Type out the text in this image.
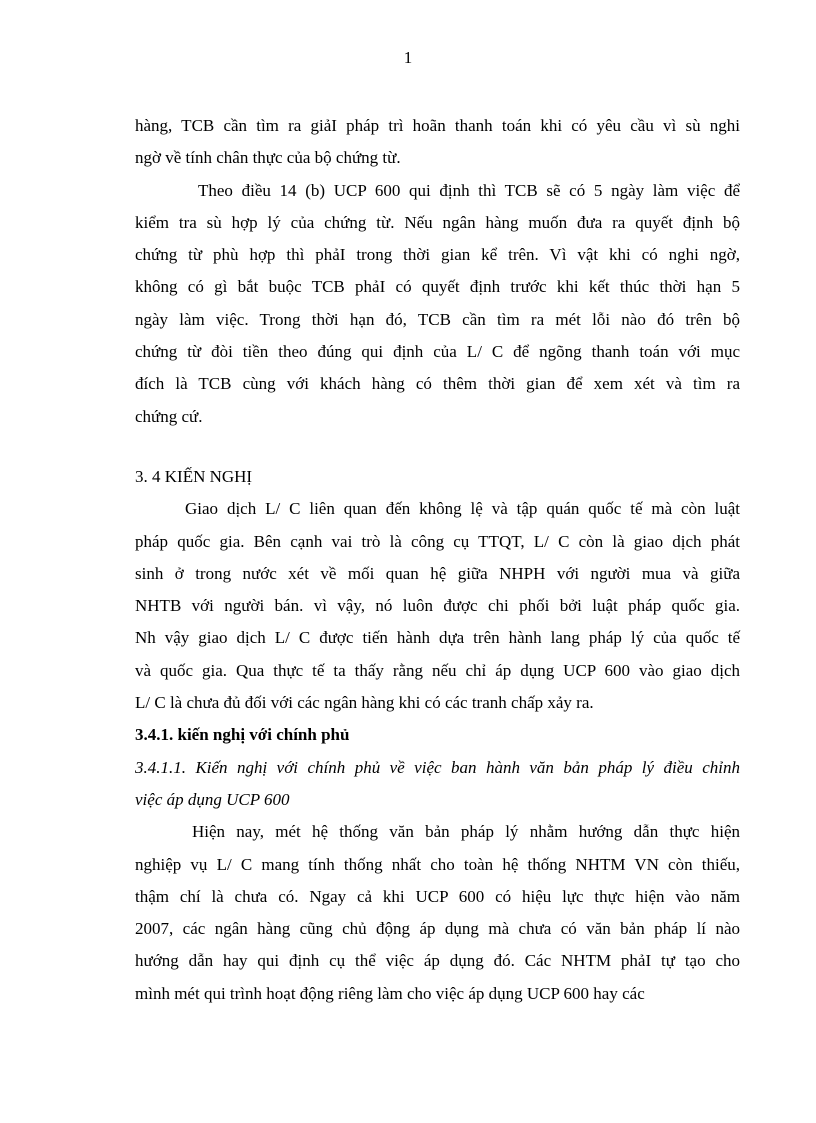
1

hàng, TCB cần tìm ra giảI pháp trì hoãn thanh toán khi có yêu cầu vì sù nghi
ngờ về tính chân thực của bộ chứng từ.

Theo điều 14 (b) UCP 600 qui định thì TCB sẽ có 5 ngày làm việc để
kiểm tra sù hợp lý của chứng từ. Nếu ngân hàng muốn đưa ra quyết định bộ
chứng từ phù hợp thì phảI trong thời gian kể trên. Vì vật khi có nghi ngờ,
không có gì bắt buộc TCB phảI có quyết định trước khi kết thúc thời hạn 5
ngày làm việc. Trong thời hạn đó, TCB cần tìm ra mét lỗi nào đó trên bộ
chứng từ đòi tiền theo đúng qui định của L/ C để ngõng thanh toán với mục
đích là TCB cùng với khách hàng có thêm thời gian để xem xét và tìm ra
chứng cứ.

3. 4 KIẾN NGHỊ

Giao dịch L/ C liên quan đến không lệ và tập quán quốc tế mà còn luật
pháp quốc gia. Bên cạnh vai trò là công cụ TTQT, L/ C còn là giao dịch phát
sinh ở trong nước xét về mối quan hệ giữa NHPH với người mua và giữa
NHTB với người bán. vì vậy, nó luôn được chi phối bởi luật pháp quốc gia.
Nh vậy giao dịch L/ C được tiến hành dựa trên hành lang pháp lý của quốc tế
và quốc gia. Qua thực tế ta thấy rằng nếu chỉ áp dụng UCP 600 vào giao dịch
L/ C là chưa đủ đối với các ngân hàng khi có các tranh chấp xảy ra.

3.4.1. kiến nghị với chính phủ

3.4.1.1. Kiến nghị với chính phủ về việc ban hành văn bản pháp lý điều chỉnh
việc áp dụng UCP 600

Hiện nay, mét hệ thống văn bản pháp lý nhằm hướng dẫn thực hiện
nghiệp vụ L/ C mang tính thống nhất cho toàn hệ thống NHTM VN còn thiếu,
thậm chí là chưa có. Ngay cả khi UCP 600 có hiệu lực thực hiện vào năm
2007, các ngân hàng cũng chủ động áp dụng mà chưa có văn bản pháp lí nào
hướng dẫn hay qui định cụ thể việc áp dụng đó. Các NHTM phảI tự tạo cho
mình mét qui trình hoạt động riêng làm cho việc áp dụng UCP 600 hay các
